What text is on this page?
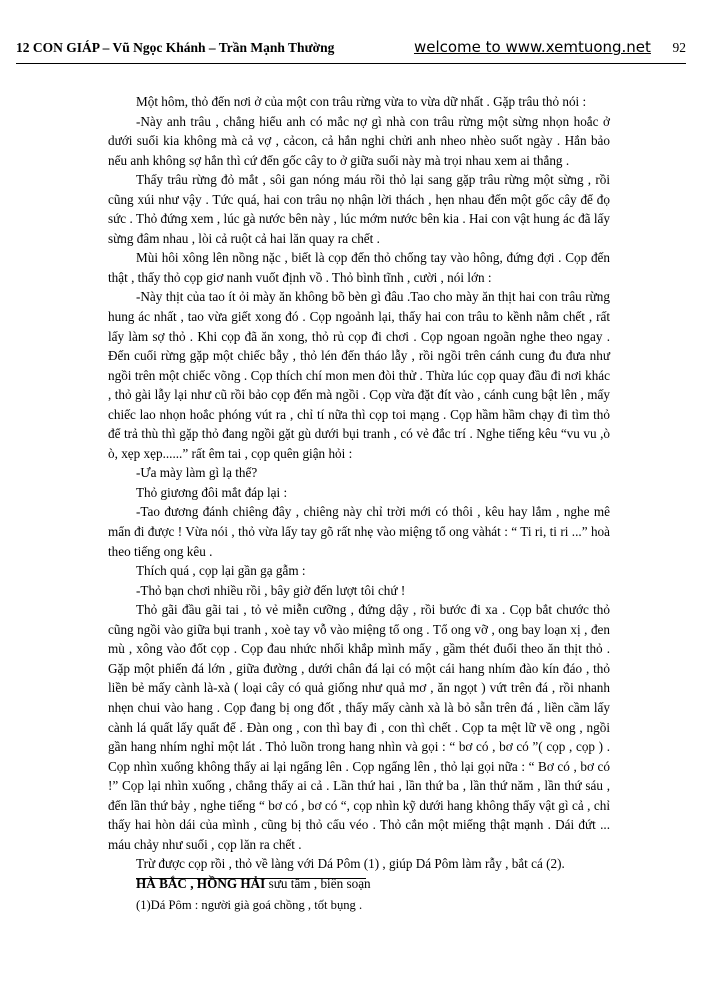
12 CON GIÁP – Vũ Ngọc Khánh – Trần Mạnh Thường	welcome to www.xemtuong.net 92

Một hôm, thỏ đến nơi ở của một con trâu rừng vừa to vừa dữ nhất . Gặp trâu thỏ nói :

-Này anh trâu , chẳng hiểu anh có mắc nợ gì nhà con trâu rừng một sừng nhọn hoắc ở dưới suối kia không mà cả vợ , cảcon, cả hắn nghi chửi anh nheo nhèo suốt ngày . Hắn bảo nếu anh không sợ hắn thì cứ đến gốc cây to ở giữa suối này mà trọi nhau xem ai thắng .

Thấy trâu rừng đỏ mắt , sôi gan nóng máu rồi thỏ lại sang gặp trâu rừng một sừng , rồi cũng xúi như vậy . Tức quá, hai con trâu nọ nhận lời thách , hẹn nhau đến một gốc cây để đọ sức . Thỏ đứng xem , lúc gà nước bên này , lúc mớm nước bên kia . Hai con vật hung ác đã lấy sừng đâm nhau , lòi cả ruột cả hai lăn quay ra chết .

Mùi hôi xông lên nồng nặc , biết là cọp đến thỏ chống tay vào hông, đứng đợi . Cọp đến thật , thấy thỏ cọp giơ nanh vuốt định vồ . Thỏ bình tĩnh , cười , nói lớn :

-Này thịt của tao ít ỏi mày ăn không bõ bèn gì đâu .Tao cho mày ăn thịt hai con trâu rừng hung ác nhất , tao vừa giết xong đó . Cọp ngoảnh lại, thấy hai con trâu to kềnh nằm chết , rất lấy làm sợ thỏ . Khi cọp đã ăn xong, thỏ rủ cọp đi chơi . Cọp ngoan ngoãn nghe theo ngay . Đến cuối rừng gặp một chiếc bẫy , thỏ lén đến tháo lẫy , rồi ngồi trên cánh cung đu đưa như ngồi trên một chiếc võng . Cọp thích chí mon men đòi thử . Thừa lúc cọp quay đầu đi nơi khác , thỏ gài lẫy lại như cũ rồi bảo cọp đến mà ngồi . Cọp vừa đặt đít vào , cánh cung bật lên , mấy chiếc lao nhọn hoắc phóng vút ra , chỉ tí nữa thì cọp toi mạng . Cọp hầm hầm chạy đi tìm thỏ để trả thù thì gặp thỏ đang ngồi gặt gù dưới bụi tranh , có vẻ đắc trí . Nghe tiếng kêu “vu vu ,ò ò, xẹp xẹp......” rất êm tai , cọp quên giận hỏi :

-Ưa mày làm gì lạ thế?

Thỏ giương đôi mắt đáp lại :

-Tao đương đánh chiêng đây , chiêng này chỉ trời mới có thôi , kêu hay lắm , nghe mê mẩn đi được ! Vừa nói , thỏ vừa lấy tay gõ rất nhẹ vào miệng tổ ong vàhát : “ Ti ri, ti ri ...” hoà theo tiếng ong kêu .

Thích quá , cọp lại gần gạ gẫm :

-Thỏ bạn chơi nhiều rồi , bây giờ đến lượt tôi chứ !

Thỏ gãi đầu gãi tai , tỏ vẻ miễn cưỡng , đứng dậy , rồi bước đi xa . Cọp bắt chước thỏ cũng ngồi vào giữa bụi tranh , xoè tay vỗ vào miệng tổ ong . Tổ ong vỡ , ong bay loạn xị , đen mù , xông vào đốt cọp . Cọp đau nhức nhối khắp mình mẩy , gầm thét đuổi theo ăn thịt thỏ . Gặp một phiến đá lớn , giữa đường , dưới chân đá lại có một cái hang nhím đào kín đáo , thỏ liền bẻ mấy cành là-xà ( loại cây có quả giống như quả mơ , ăn ngọt ) vứt trên đá , rồi nhanh nhẹn chui vào hang . Cọp đang bị ong đốt , thấy mấy cành xà là bỏ sẵn trên đá , liền cầm lấy cành lá quất lấy quất để . Đàn ong , con thì bay đi , con thì chết . Cọp ta mệt lữ về ong , ngồi gần hang nhím nghỉ một lát . Thỏ luồn trong hang nhìn và gọi : “ bơ có , bơ có ”( cọp , cọp ) . Cọp nhìn xuống không thấy ai lại ngẩng lên . Cọp ngẩng lên , thỏ lại gọi nữa : “ Bơ có , bơ có !” Cọp lại nhìn xuống , chẳng thấy ai cả . Lần thứ hai , lần thứ ba , lần thứ năm , lần thứ sáu , đến lần thứ bảy , nghe tiếng “ bơ có , bơ có “, cọp nhìn kỹ dưới hang không thấy vật gì cả , chỉ thấy hai hòn dái của mình , cũng bị thỏ cấu véo . Thỏ cắn một miếng thật mạnh . Dái đứt ... máu chảy như suối , cọp lăn ra chết .

Trừ được cọp rồi , thỏ về làng với Dá Pôm (1) , giúp Dá Pôm làm rẫy , bắt cá (2).

HÀ BẮC , HỒNG HẢI sưu tầm , biên soạn

(1)Dá Pôm : người già goá chồng , tốt bụng .
